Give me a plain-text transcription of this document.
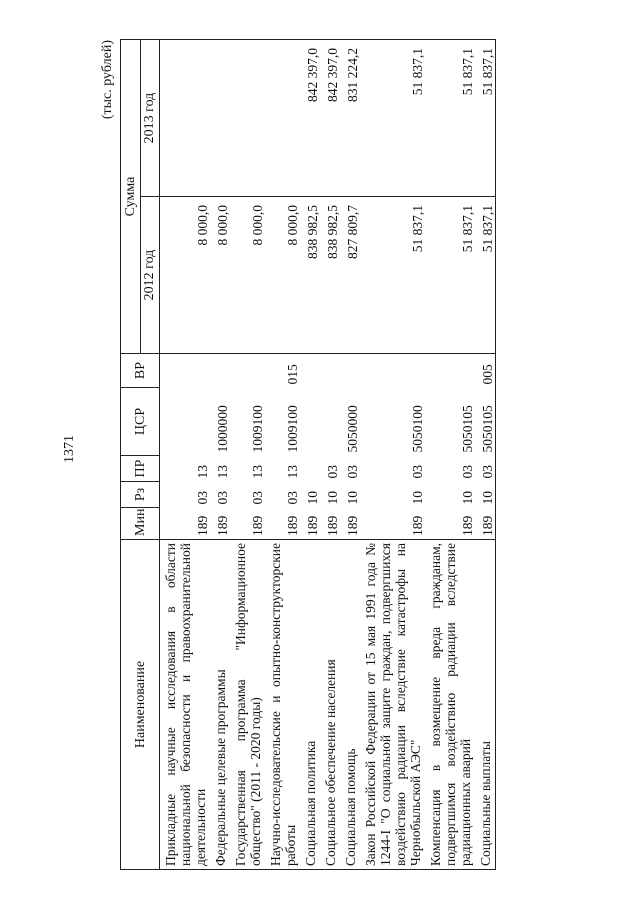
1371
(тыс. рублей)
Наименование	Мин	Рз	ПР	ЦСР	ВР	Сумма	
						2012 год	2013 год
Прикладные научные исследования в области национальной безопасности и правоохранительной деятельности	189	03	13			8 000,0	
Федеральные целевые программы	189	03	13	1000000		8 000,0	
Государственная программа "Информационное общество" (2011 - 2020 годы)	189	03	13	1009100		8 000,0	
Научно-исследовательские и опытно-конструкторские работы	189	03	13	1009100	015	8 000,0	
Социальная политика	189	10				838 982,5	842 397,0
Социальное обеспечение населения	189	10	03			838 982,5	842 397,0
Социальная помощь	189	10	03	5050000		827 809,7	831 224,2
Закон Российской Федерации от 15 мая 1991 года № 1244-I "О социальной защите граждан, подвергшихся воздействию радиации вследствие катастрофы на Чернобыльской АЭС"	189	10	03	5050100		51 837,1	51 837,1
Компенсация в возмещение вреда гражданам, подвергшимся воздействию радиации вследствие радиационных аварий	189	10	03	5050105		51 837,1	51 837,1
Социальные выплаты	189	10	03	5050105	005	51 837,1	51 837,1
